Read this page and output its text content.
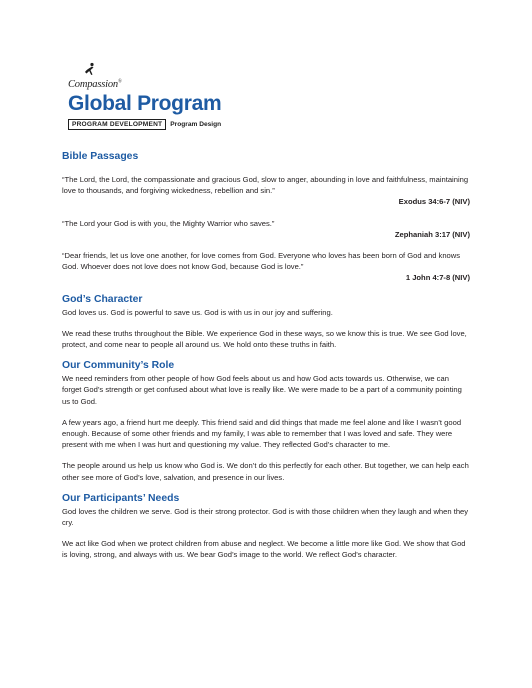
Compassion®
Global Program
PROGRAM DEVELOPMENT	Program Design
Bible Passages

“The Lord, the Lord, the compassionate and gracious God, slow to anger, abounding in love and faithfulness, maintaining love to thousands, and forgiving wickedness, rebellion and sin.”

Exodus 34:6-7 (NIV)

“The Lord your God is with you, the Mighty Warrior who saves.”

Zephaniah 3:17 (NIV)

“Dear friends, let us love one another, for love comes from God. Everyone who loves has been born of God and knows God. Whoever does not love does not know God, because God is love.”

1 John 4:7-8 (NIV)

God’s Character

God loves us. God is powerful to save us. God is with us in our joy and suffering.

We read these truths throughout the Bible. We experience God in these ways, so we know this is true. We see God love, protect, and come near to people all around us. We hold onto these truths in faith.

Our Community’s Role

We need reminders from other people of how God feels about us and how God acts towards us. Otherwise, we can forget God’s strength or get confused about what love is really like. We were made to be a part of a community pointing us to God.

A few years ago, a friend hurt me deeply. This friend said and did things that made me feel alone and like I wasn’t good enough. Because of some other friends and my family, I was able to remember that I was loved and safe. They were present with me when I was hurt and questioning my value. They reflected God’s character to me.

The people around us help us know who God is. We don’t do this perfectly for each other. But together, we can help each other see more of God’s love, salvation, and presence in our lives.

Our Participants’ Needs

God loves the children we serve. God is their strong protector. God is with those children when they laugh and when they cry.

We act like God when we protect children from abuse and neglect. We become a little more like God. We show that God is loving, strong, and always with us. We bear God’s image to the world. We reflect God’s character.
